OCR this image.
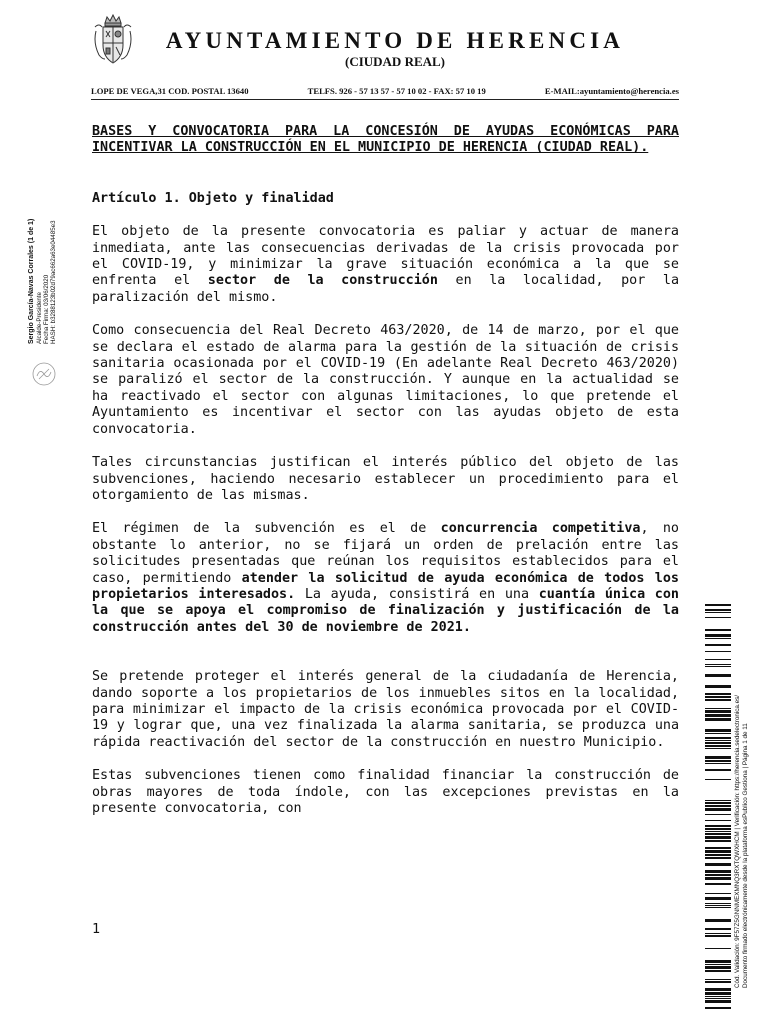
AYUNTAMIENTO DE HERENCIA
(CIUDAD REAL)
LOPE DE VEGA,31 COD. POSTAL 13640	TELFS. 926 - 57 13 57 - 57 10 02 - FAX: 57 10 19	E-MAIL:ayuntamiento@herencia.es
Sergio García-Navas Corrales (1 de 1) Alcalde-Presidente Fecha Firma: 03/06/2020 HASH: b3288123b02d79ac662a63e04485e3

BASES Y CONVOCATORIA PARA LA CONCESIÓN DE AYUDAS ECONÓMICAS PARA INCENTIVAR LA CONSTRUCCIÓN EN EL MUNICIPIO DE HERENCIA (CIUDAD REAL).

Artículo 1. Objeto y finalidad

El objeto de la presente convocatoria es paliar y actuar de manera inmediata, ante las consecuencias derivadas de la crisis provocada por el COVID-19, y minimizar la grave situación económica a la que se enfrenta el sector de la construcción en la localidad, por la paralización del mismo.

Como consecuencia del Real Decreto 463/2020, de 14 de marzo, por el que se declara el estado de alarma para la gestión de la situación de crisis sanitaria ocasionada por el COVID-19 (En adelante Real Decreto 463/2020) se paralizó el sector de la construcción. Y aunque en la actualidad se ha reactivado el sector con algunas limitaciones, lo que pretende el Ayuntamiento es incentivar el sector con las ayudas objeto de esta convocatoria.

Tales circunstancias justifican el interés público del objeto de las subvenciones, haciendo necesario establecer un procedimiento para el otorgamiento de las mismas.

El régimen de la subvención es el de concurrencia competitiva, no obstante lo anterior, no se fijará un orden de prelación entre las solicitudes presentadas que reúnan los requisitos establecidos para el caso, permitiendo atender la solicitud de ayuda económica de todos los propietarios interesados. La ayuda, consistirá en una cuantía única con la que se apoya el compromiso de finalización y justificación de la construcción antes del 30 de noviembre de 2021.

Se pretende proteger el interés general de la ciudadanía de Herencia, dando soporte a los propietarios de los inmuebles sitos en la localidad, para minimizar el impacto de la crisis económica provocada por el COVID-19 y lograr que, una vez finalizada la alarma sanitaria, se produzca una rápida reactivación del sector de la construcción en nuestro Municipio.

Estas subvenciones tienen como finalidad financiar la construcción de obras mayores de toda índole, con las excepciones previstas en la presente convocatoria, con

1	Cód. Validación: 9F57Z5GNNMEXMNQ3RXTQWXHCM | Verificación: https://herencia.sedelectronica.es/ Documento firmado electrónicamente desde la plataforma esPublico Gestiona | Página 1 de 11
